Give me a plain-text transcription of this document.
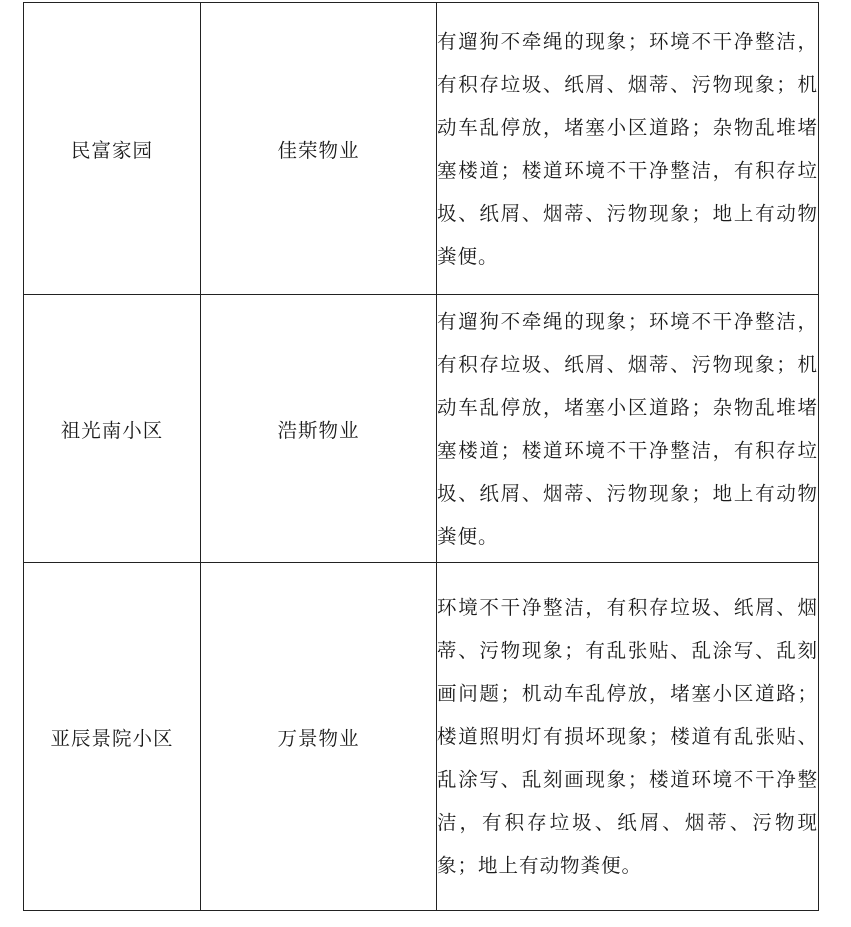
民富家园	佳荣物业	有遛狗不牵绳的现象；环境不干净整洁，有积存垃圾、纸屑、烟蒂、污物现象；机动车乱停放，堵塞小区道路；杂物乱堆堵塞楼道；楼道环境不干净整洁，有积存垃圾、纸屑、烟蒂、污物现象；地上有动物粪便。
祖光南小区	浩斯物业	有遛狗不牵绳的现象；环境不干净整洁，有积存垃圾、纸屑、烟蒂、污物现象；机动车乱停放，堵塞小区道路；杂物乱堆堵塞楼道；楼道环境不干净整洁，有积存垃圾、纸屑、烟蒂、污物现象；地上有动物粪便。
亚辰景院小区	万景物业	环境不干净整洁，有积存垃圾、纸屑、烟蒂、污物现象；有乱张贴、乱涂写、乱刻画问题；机动车乱停放，堵塞小区道路；楼道照明灯有损坏现象；楼道有乱张贴、乱涂写、乱刻画现象；楼道环境不干净整洁，有积存垃圾、纸屑、烟蒂、污物现象；地上有动物粪便。
